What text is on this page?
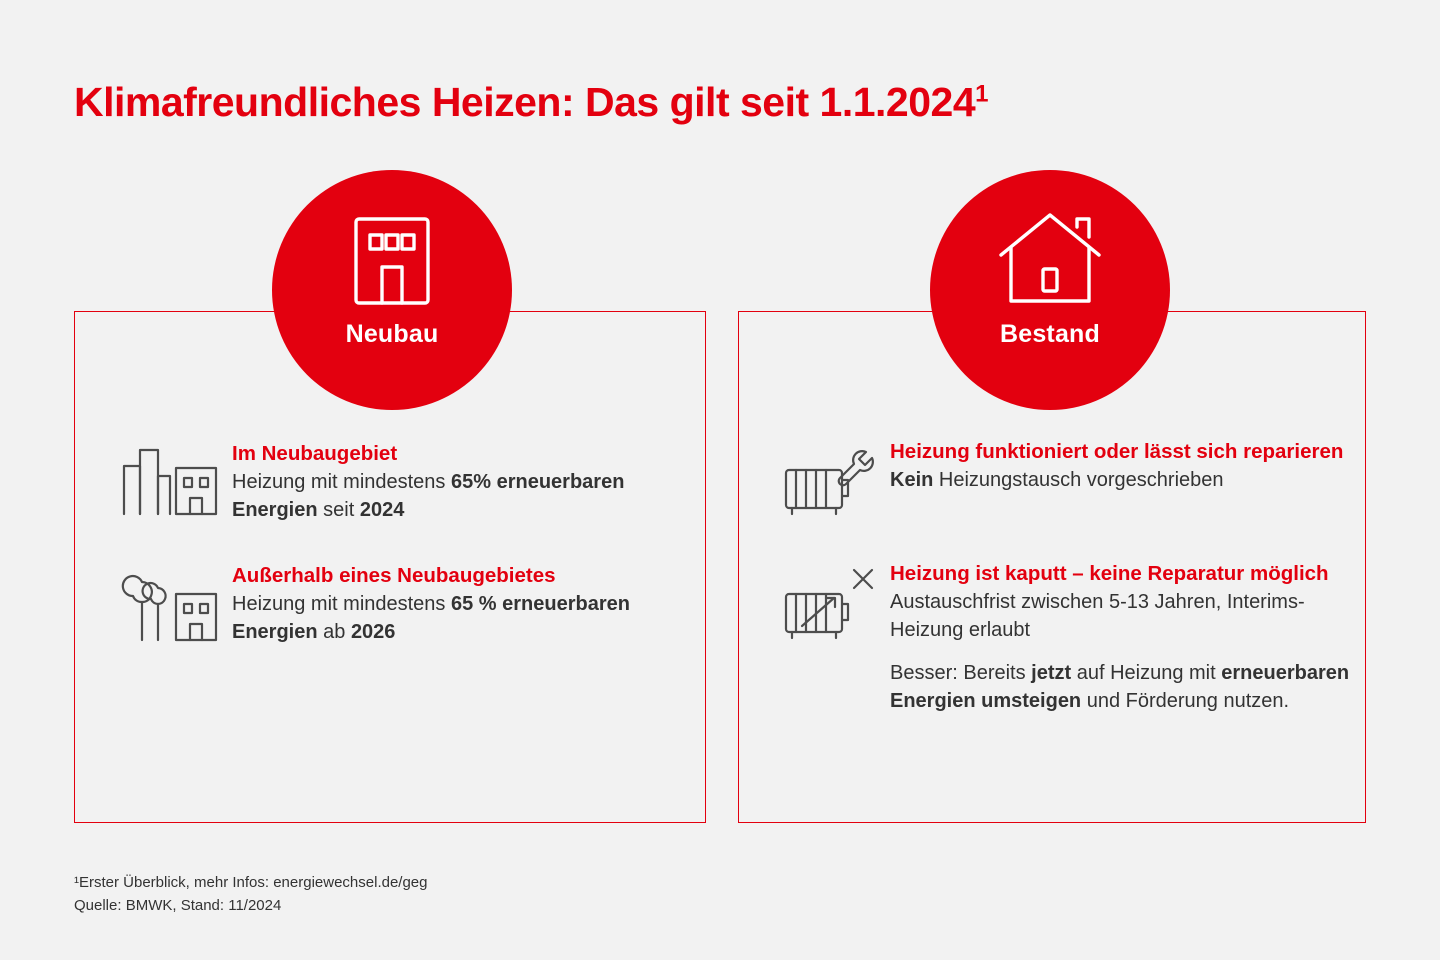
Klimafreundliches Heizen: Das gilt seit 1.1.2024$^1$
Neubau	Bestand

Im Neubaugebiet

Heizung mit mindestens 65% erneuerbaren Energien seit 2024

Außerhalb eines Neubaugebietes

Heizung mit mindestens 65 % erneuerbaren Energien ab 2026

Heizung funktioniert oder lässt sich reparieren

Kein Heizungstausch vorgeschrieben

Heizung ist kaputt – keine Reparatur möglich

Austauschfrist zwischen 5-13 Jahren, Interims-Heizung erlaubt

Besser: Bereits jetzt auf Heizung mit erneuerbaren Energien umsteigen und Förderung nutzen.

¹Erster Überblick, mehr Infos: energiewechsel.de/geg
Quelle: BMWK, Stand: 11/2024
